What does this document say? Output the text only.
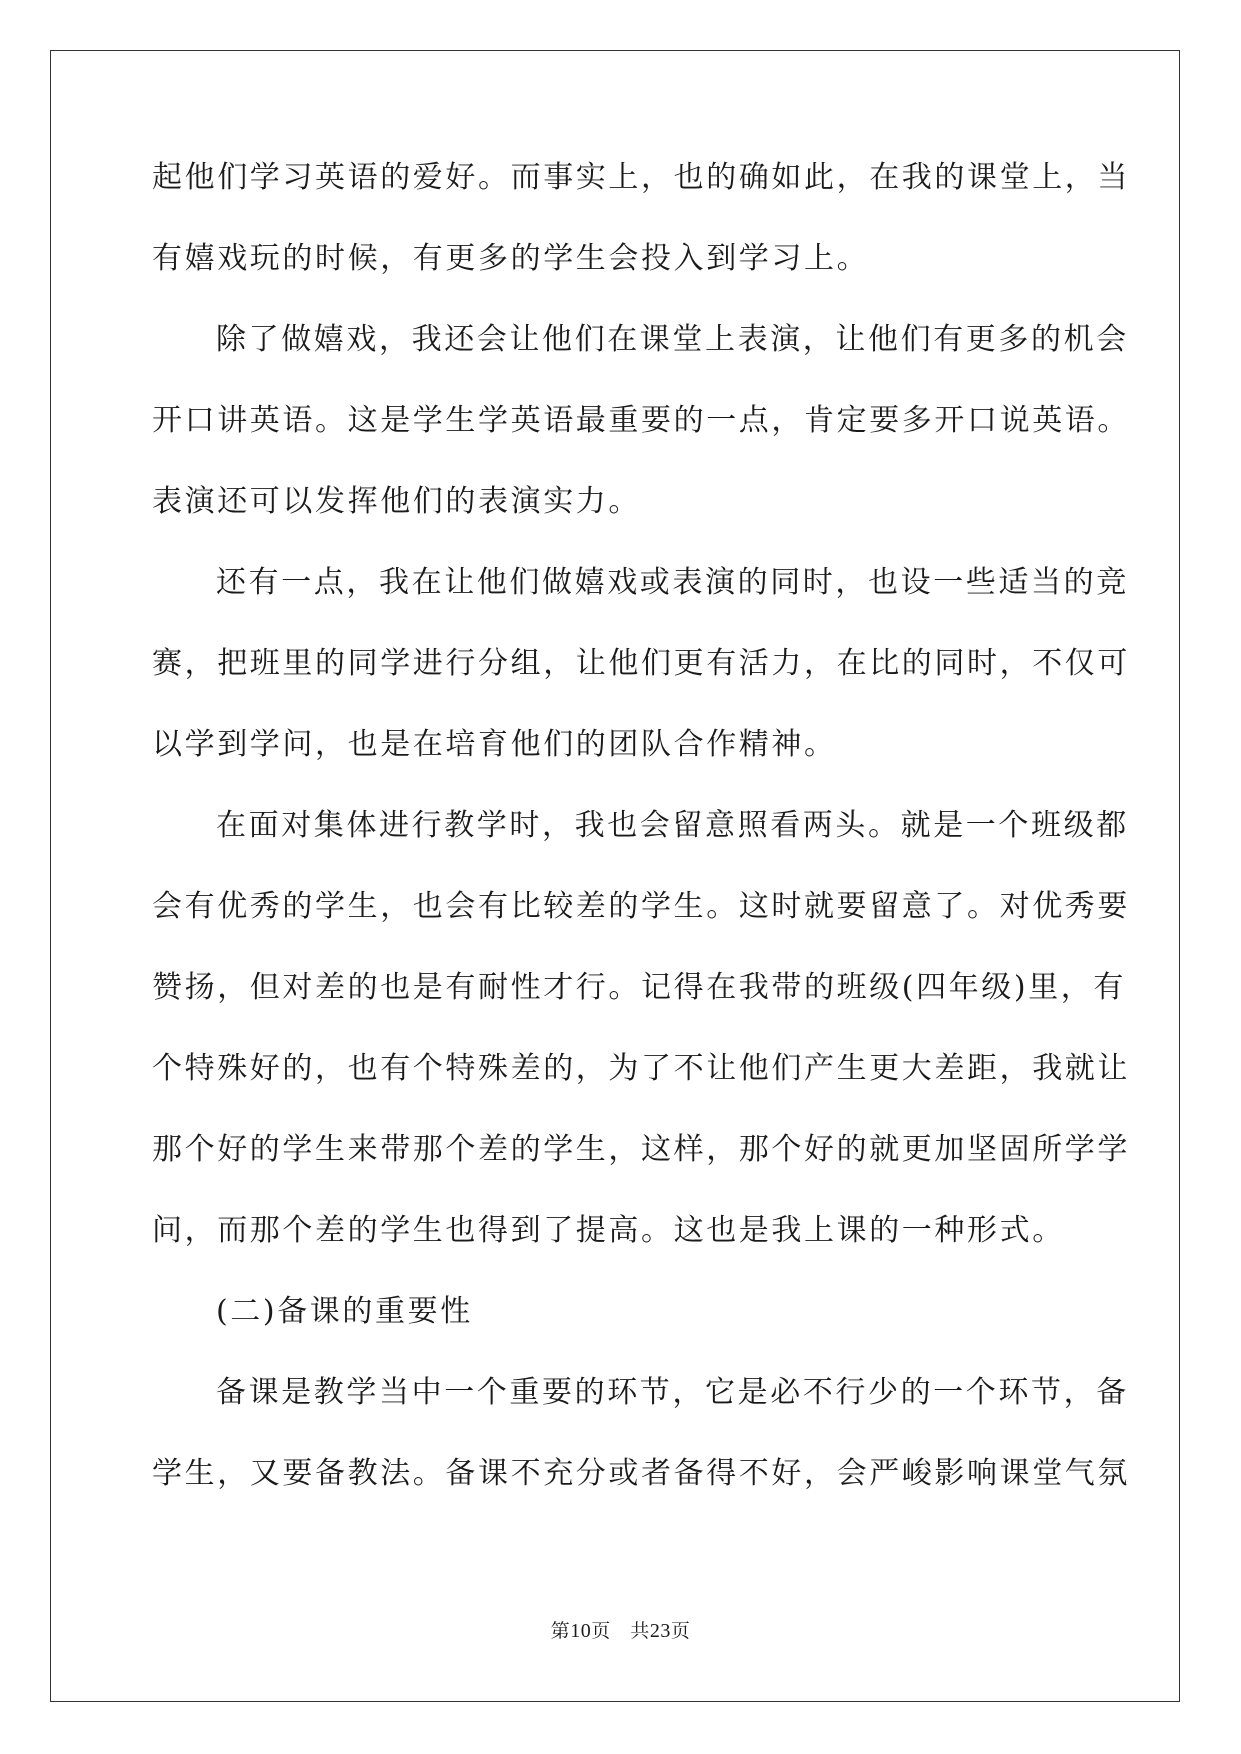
起他们学习英语的爱好。而事实上，也的确如此，在我的课堂上，当
有嬉戏玩的时候，有更多的学生会投入到学习上。
除了做嬉戏，我还会让他们在课堂上表演，让他们有更多的机会
开口讲英语。这是学生学英语最重要的一点，肯定要多开口说英语。
表演还可以发挥他们的表演实力。
还有一点，我在让他们做嬉戏或表演的同时，也设一些适当的竞
赛，把班里的同学进行分组，让他们更有活力，在比的同时，不仅可
以学到学问，也是在培育他们的团队合作精神。
在面对集体进行教学时，我也会留意照看两头。就是一个班级都
会有优秀的学生，也会有比较差的学生。这时就要留意了。对优秀要
赞扬，但对差的也是有耐性才行。记得在我带的班级(四年级)里，有
个特殊好的，也有个特殊差的，为了不让他们产生更大差距，我就让
那个好的学生来带那个差的学生，这样，那个好的就更加坚固所学学
问，而那个差的学生也得到了提高。这也是我上课的一种形式。
(二)备课的重要性
备课是教学当中一个重要的环节，它是必不行少的一个环节，备
学生，又要备教法。备课不充分或者备得不好，会严峻影响课堂气氛
第10页   共23页
